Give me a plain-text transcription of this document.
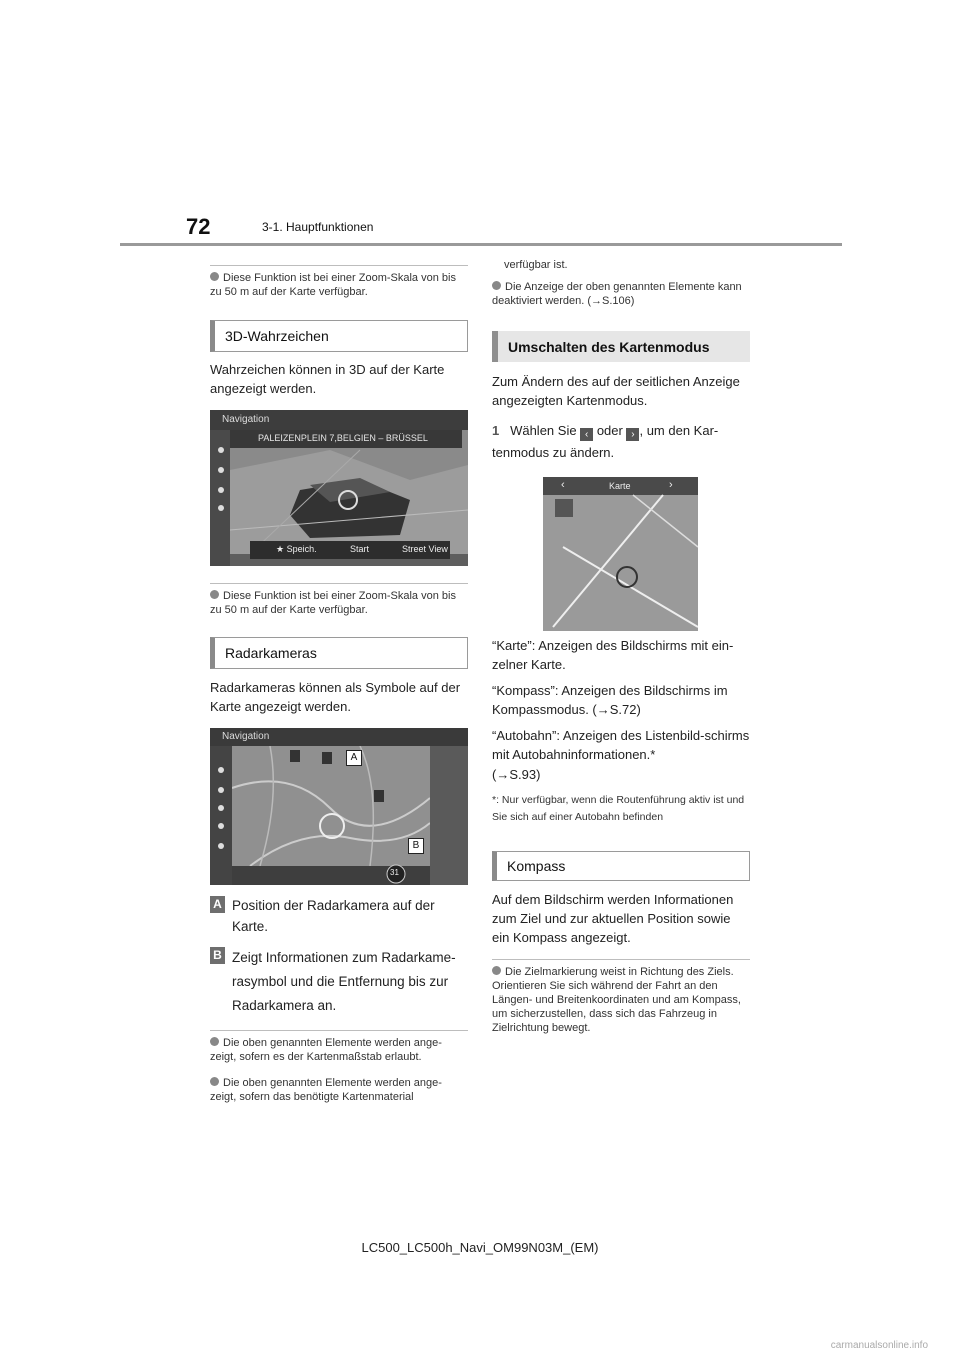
72	3-1. Hauptfunktionen
Diese Funktion ist bei einer Zoom-Skala von bis zu 50 m auf der Karte verfügbar.
3D-Wahrzeichen
Wahrzeichen können in 3D auf der Karte angezeigt werden.
Navigation
PALEIZENPLEIN 7,BELGIEN – BRÜSSEL
★ Speich.	Start	Street View
Diese Funktion ist bei einer Zoom-Skala von bis zu 50 m auf der Karte verfügbar.
Radarkameras
Radarkameras können als Symbole auf der Karte angezeigt werden.
Navigation
31
A
B
A Position der Radarkamera auf der Karte.
B Zeigt Informationen zum Radarkame-rasymbol und die Entfernung bis zur Radarkamera an.
Die oben genannten Elemente werden ange-zeigt, sofern es der Kartenmaßstab erlaubt.
Die oben genannten Elemente werden ange-zeigt, sofern das benötigte Kartenmaterial
verfügbar ist.
Die Anzeige der oben genannten Elemente kann deaktiviert werden. (→S.106)
Umschalten des Kartenmodus
Zum Ändern des auf der seitlichen Anzeige angezeigten Kartenmodus.
1 Wählen Sie ‹ oder › , um den Kar-tenmodus zu ändern.
‹	Karte	›
“Karte”: Anzeigen des Bildschirms mit ein-zelner Karte.
“Kompass”: Anzeigen des Bildschirms im Kompassmodus. (→S.72)
“Autobahn”: Anzeigen des Listenbild-schirms mit Autobahninformationen.*
(→S.93)
*: Nur verfügbar, wenn die Routenführung aktiv ist und Sie sich auf einer Autobahn befinden
Kompass
Auf dem Bildschirm werden Informationen zum Ziel und zur aktuellen Position sowie ein Kompass angezeigt.
Die Zielmarkierung weist in Richtung des Ziels. Orientieren Sie sich während der Fahrt an den Längen- und Breitenkoordinaten und am Kompass, um sicherzustellen, dass sich das Fahrzeug in Zielrichtung bewegt.
LC500_LC500h_Navi_OM99N03M_(EM)
carmanualsonline.info
